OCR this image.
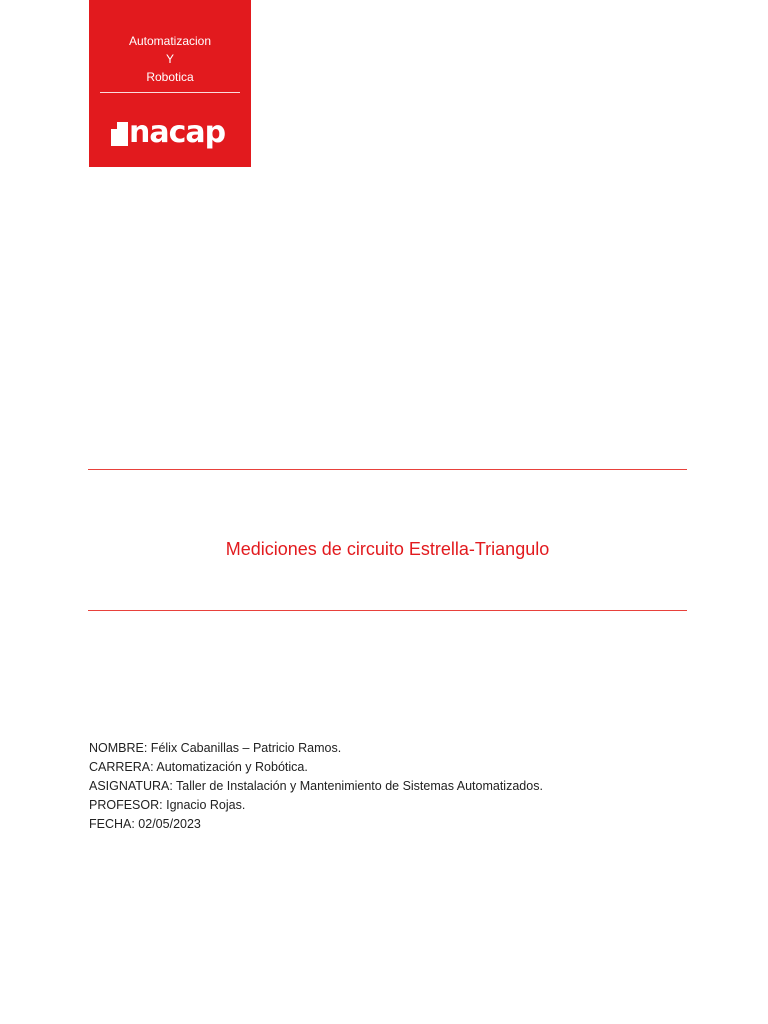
Automatizacion
Y
Robotica
nacap
Mediciones de circuito Estrella-Triangulo
NOMBRE: Félix Cabanillas – Patricio Ramos.
CARRERA: Automatización y Robótica.
ASIGNATURA: Taller de Instalación y Mantenimiento de Sistemas Automatizados.
PROFESOR: Ignacio Rojas.
FECHA: 02/05/2023
